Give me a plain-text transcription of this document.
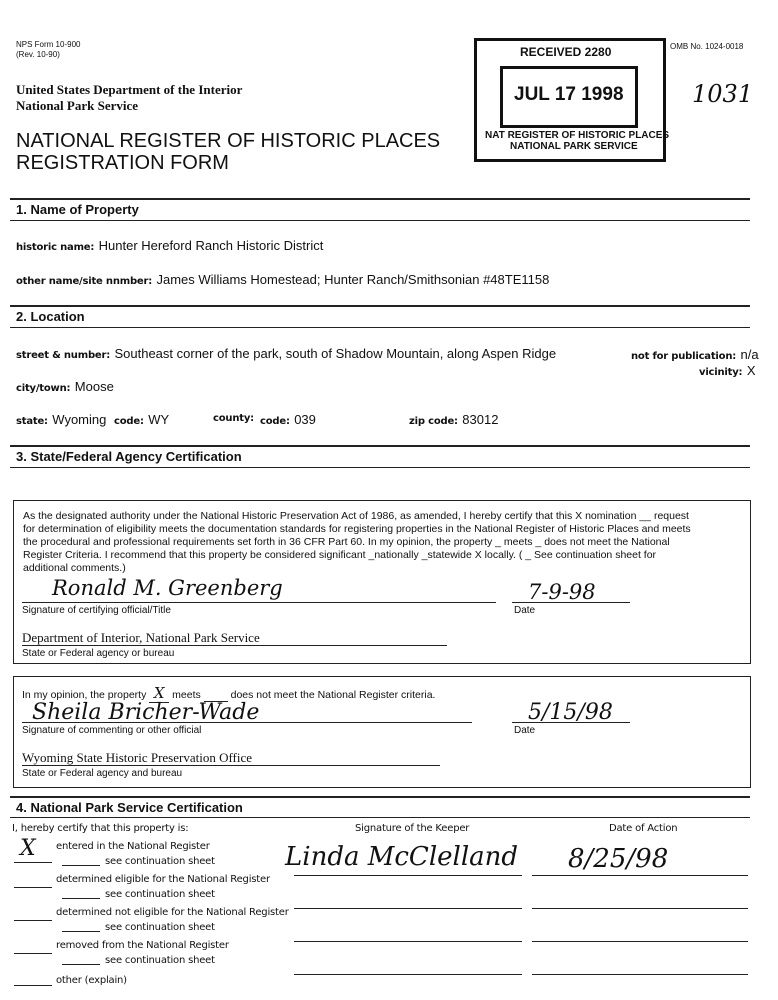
NPS Form 10-900
(Rev. 10-90)
OMB No. 1024-0018
United States Department of the Interior
National Park Service
NATIONAL REGISTER OF HISTORIC PLACES
REGISTRATION FORM
1031
RECEIVED 2280
JUL 17 1998
NAT REGISTER OF HISTORIC PLACES
NATIONAL PARK SERVICE
1. Name of Property
historic name: Hunter Hereford Ranch Historic District
other name/site nnmber: James Williams Homestead; Hunter Ranch/Smithsonian #48TE1158
2. Location
street & number: Southeast corner of the park, south of Shadow Mountain, along Aspen Ridge	not for publication: n/a
vicinity: X
city/town: Moose
state: Wyoming code: WY	county: code: 039	zip code: 83012
3. State/Federal Agency Certification
As the designated authority under the National Historic Preservation Act of 1986, as amended, I hereby certify that this X nomination __ request
for determination of eligibility meets the documentation standards for registering properties in the National Register of Historic Places and meets
the procedural and professional requirements set forth in 36 CFR Part 60. In my opinion, the property _ meets _ does not meet the National
Register Criteria. I recommend that this property be considered significant _nationally _statewide X locally. ( _ See continuation sheet for
additional comments.)
Ronald M. Greenberg
Signature of certifying official/Title
7-9-98
Date
Department of Interior, National Park Service
State or Federal agency or bureau
In my opinion, the property X meets	does not meet the National Register criteria.
Sheila Bricher-Wade
Signature of commenting or other official
5/15/98
Date
Wyoming State Historic Preservation Office
State or Federal agency and bureau
4. National Park Service Certification
I, hereby certify that this property is:	Signature of the Keeper	Date of Action
Linda McClelland 8/25/98
X entered in the National Register
see continuation sheet
determined eligible for the National Register
see continuation sheet
determined not eligible for the National Register
see continuation sheet
removed from the National Register
see continuation sheet
other (explain)
